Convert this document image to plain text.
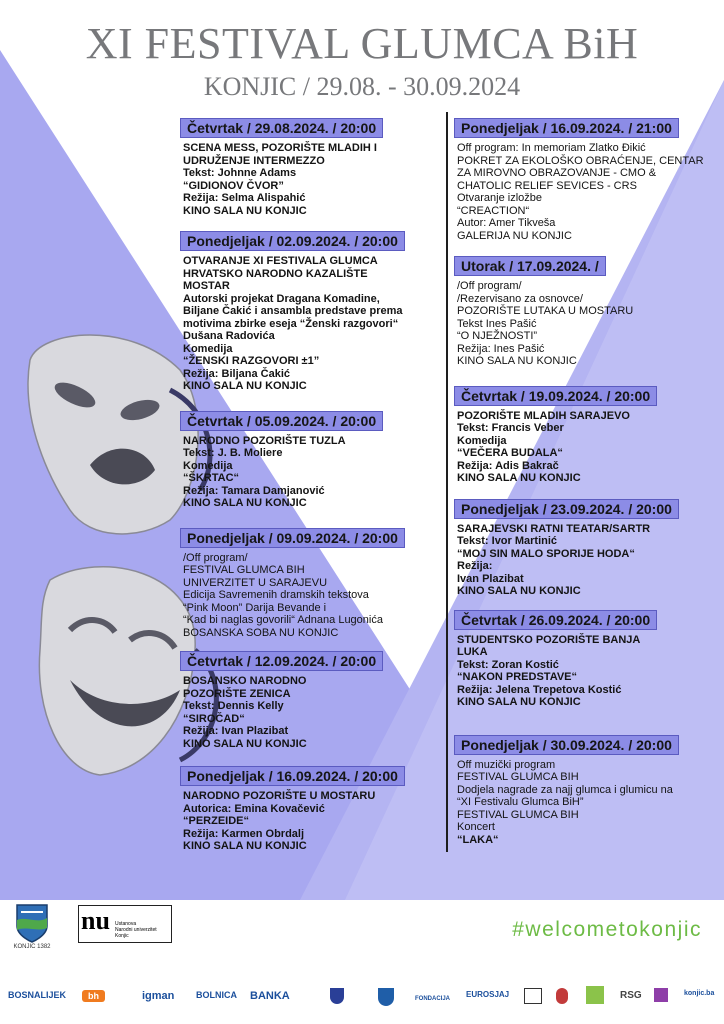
XI FESTIVAL GLUMCA BiH
KONJIC / 29.08. - 30.09.2024
Četvrtak / 29.08.2024. / 20:00
SCENA MESS, POZORIŠTE MLADIH I
UDRUŽENJE INTERMEZZO
Tekst: Johnne Adams
“GIDIONOV ČVOR”
Režija: Selma Alispahić
KINO SALA NU KONJIC
Ponedjeljak / 02.09.2024. / 20:00
OTVARANJE XI FESTIVALA GLUMCA
HRVATSKO NARODNO KAZALIŠTE
MOSTAR
Autorski projekat Dragana Komadine,
Biljane Čakić i ansambla predstave prema
motivima zbirke eseja “Ženski razgovori“
Dušana Radovića
Komedija
“ŽENSKI RAZGOVORI ±1”
Režija: Biljana Čakić
KINO SALA NU KONJIC
Četvrtak / 05.09.2024. / 20:00
NARODNO POZORIŠTE TUZLA
Tekst: J. B. Moliere
Komedija
“ŠKRTAC“
Režija: Tamara Damjanović
KINO SALA NU KONJIC
Ponedjeljak / 09.09.2024. / 20:00
/Off program/
FESTIVAL GLUMCA BIH
UNIVERZITET U SARAJEVU
Edicija Savremenih dramskih tekstova
“Pink Moon” Darija Bevande i
“Kad bi naglas govorili“ Adnana Lugonića
BOSANSKA SOBA NU KONJIC
Četvrtak / 12.09.2024. / 20:00
BOSANSKO NARODNO
POZORIŠTE ZENICA
Tekst: Dennis Kelly
“SIROČAD“
Režija: Ivan Plazibat
KINO SALA NU KONJIC
Ponedjeljak / 16.09.2024. / 20:00
NARODNO POZORIŠTE U MOSTARU
Autorica: Emina Kovačević
“PERZEIDE“
Režija: Karmen Obrdalj
KINO SALA NU KONJIC
Ponedjeljak / 16.09.2024. / 21:00
Off program: In memoriam Zlatko Đikić
POKRET ZA EKOLOŠKO OBRAĆENJE, CENTAR
ZA MIROVNO OBRAZOVANJE - CMO &
CHATOLIC RELIEF SEVICES - CRS
Otvaranje izložbe
“CREACTION“
Autor: Amer Tikveša
GALERIJA NU KONJIC
Utorak / 17.09.2024. /
/Off program/
/Rezervisano za osnovce/
POZORIŠTE LUTAKA U MOSTARU
Tekst Ines Pašić
“O NJEŽNOSTI”
Režija: Ines Pašić
KINO SALA NU KONJIC
Četvrtak / 19.09.2024. / 20:00
POZORIŠTE MLADIH SARAJEVO
Tekst: Francis Veber
Komedija
“VEČERA BUDALA“
Režija: Adis Bakrač
KINO SALA NU KONJIC
Ponedjeljak / 23.09.2024. / 20:00
SARAJEVSKI RATNI TEATAR/SARTR
Tekst: Ivor Martinić
“MOJ SIN MALO SPORIJE HODA“
Režija:
Ivan Plazibat
KINO SALA NU KONJIC
Četvrtak / 26.09.2024. / 20:00
STUDENTSKO POZORIŠTE BANJA
LUKA
Tekst: Zoran Kostić
“NAKON PREDSTAVE“
Režija: Jelena Trepetova Kostić
KINO SALA NU KONJIC
Ponedjeljak / 30.09.2024. / 20:00
Off muzički program
FESTIVAL GLUMCA BIH
Dodjela nagrade za najj glumca i glumicu na
“XI Festivalu Glumca BiH”
FESTIVAL GLUMCA BIH
Koncert
“LAKA“
KONJIC 1382
nu Ustanova
Narodni univerzitet
Konjic	#welcometokonjic
BOSNALIJEK	bh	igman BOLNICA BANKA	FONDACIJA EUROSJAJ	RSG	konjic.ba
